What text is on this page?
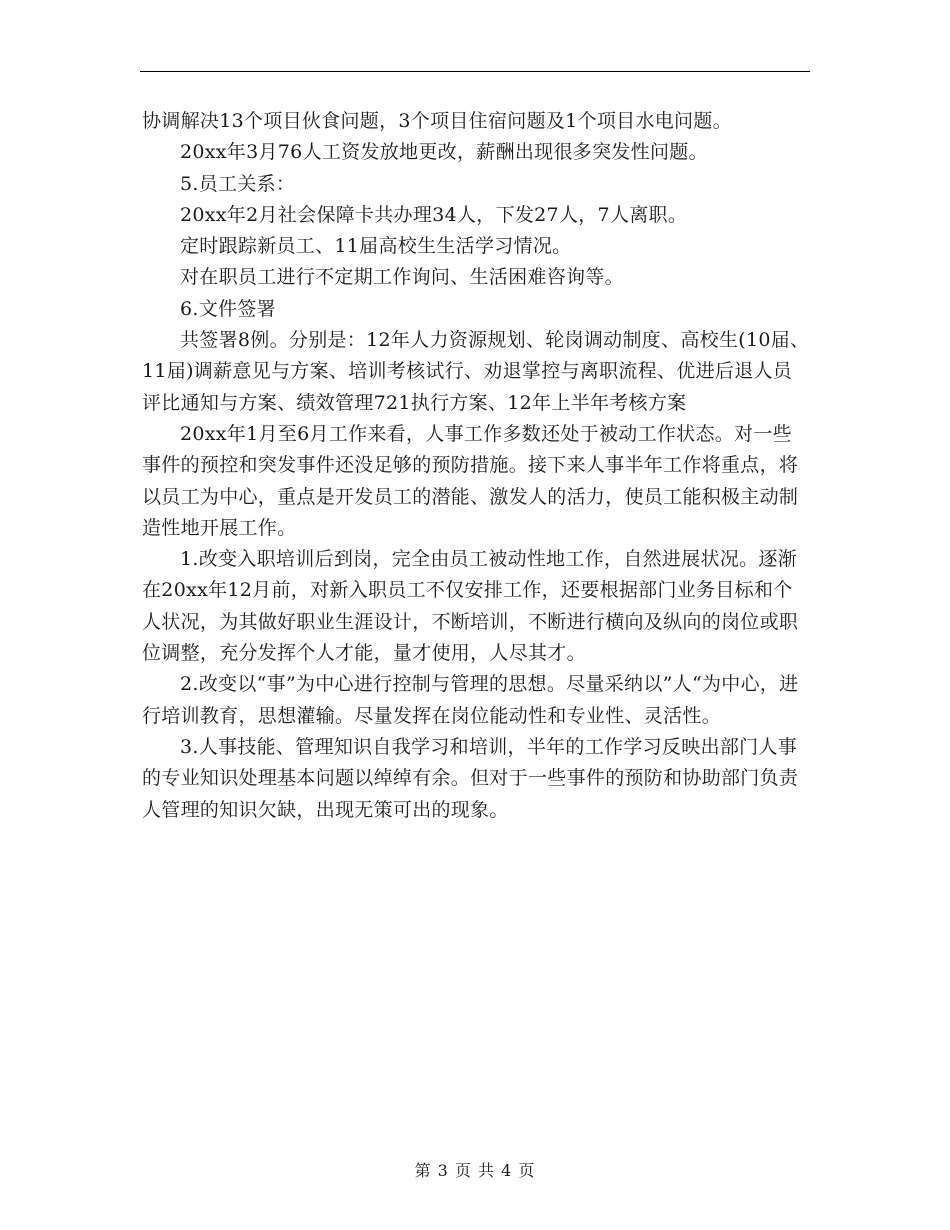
协调解决13个项目伙食问题，3个项目住宿问题及1个项目水电问题。

20xx年3月76人工资发放地更改，薪酬出现很多突发性问题。

5.员工关系：

20xx年2月社会保障卡共办理34人，下发27人，7人离职。

定时跟踪新员工、11届高校生生活学习情况。

对在职员工进行不定期工作询问、生活困难咨询等。

6.文件签署

共签署8例。分别是：12年人力资源规划、轮岗调动制度、高校生(10届、11届)调薪意见与方案、培训考核试行、劝退掌控与离职流程、优进后退人员评比通知与方案、绩效管理721执行方案、12年上半年考核方案

20xx年1月至6月工作来看，人事工作多数还处于被动工作状态。对一些事件的预控和突发事件还没足够的预防措施。接下来人事半年工作将重点，将以员工为中心，重点是开发员工的潜能、激发人的活力，使员工能积极主动制造性地开展工作。

1.改变入职培训后到岗，完全由员工被动性地工作，自然进展状况。逐渐在20xx年12月前，对新入职员工不仅安排工作，还要根据部门业务目标和个人状况，为其做好职业生涯设计，不断培训，不断进行横向及纵向的岗位或职位调整，充分发挥个人才能，量才使用，人尽其才。

2.改变以“事”为中心进行控制与管理的思想。尽量采纳以”人“为中心，进行培训教育，思想灌输。尽量发挥在岗位能动性和专业性、灵活性。

3.人事技能、管理知识自我学习和培训，半年的工作学习反映出部门人事的专业知识处理基本问题以绰绰有余。但对于一些事件的预防和协助部门负责人管理的知识欠缺，出现无策可出的现象。

第 3 页 共 4 页
